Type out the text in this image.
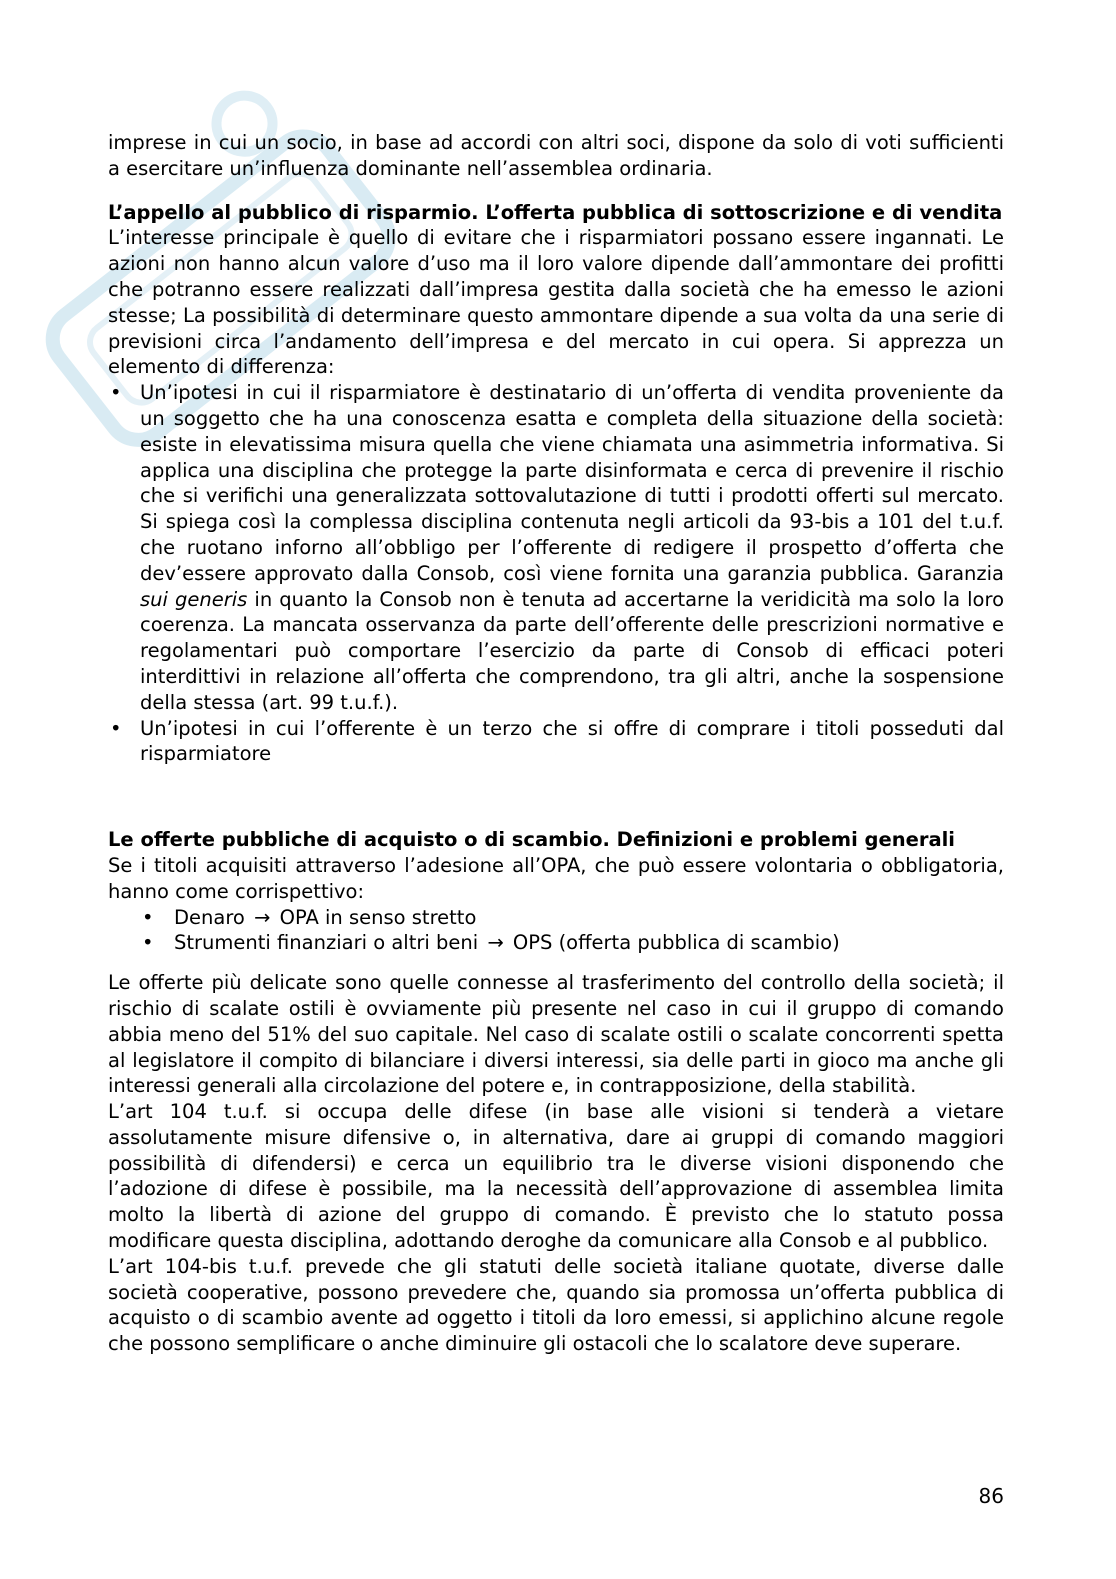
imprese in cui un socio, in base ad accordi con altri soci, dispone da solo di voti sufficienti a esercitare un’influenza dominante nell’assemblea ordinaria.

L’appello al pubblico di risparmio. L’offerta pubblica di sottoscrizione e di vendita

L’interesse principale è quello di evitare che i risparmiatori possano essere ingannati. Le azioni non hanno alcun valore d’uso ma il loro valore dipende dall’ammontare dei profitti che potranno essere realizzati dall’impresa gestita dalla società che ha emesso le azioni stesse; La possibilità di determinare questo ammontare dipende a sua volta da una serie di previsioni circa l’andamento dell’impresa e del mercato in cui opera. Si apprezza un elemento di differenza:

• Un’ipotesi in cui il risparmiatore è destinatario di un’offerta di vendita proveniente da un soggetto che ha una conoscenza esatta e completa della situazione della società: esiste in elevatissima misura quella che viene chiamata una asimmetria informativa. Si applica una disciplina che protegge la parte disinformata e cerca di prevenire il rischio che si verifichi una generalizzata sottovalutazione di tutti i prodotti offerti sul mercato. Si spiega così la complessa disciplina contenuta negli articoli da 93-bis a 101 del t.u.f. che ruotano inforno all’obbligo per l’offerente di redigere il prospetto d’offerta che dev’essere approvato dalla Consob, così viene fornita una garanzia pubblica. Garanzia sui generis in quanto la Consob non è tenuta ad accertarne la veridicità ma solo la loro coerenza. La mancata osservanza da parte dell’offerente delle prescrizioni normative e regolamentari può comportare l’esercizio da parte di Consob di efficaci poteri interdittivi in relazione all’offerta che comprendono, tra gli altri, anche la sospensione della stessa (art. 99 t.u.f.).
• Un’ipotesi in cui l’offerente è un terzo che si offre di comprare i titoli posseduti dal risparmiatore
Le offerte pubbliche di acquisto o di scambio. Definizioni e problemi generali

Se i titoli acquisiti attraverso l’adesione all’OPA, che può essere volontaria o obbligatoria, hanno come corrispettivo:

• Denaro → OPA in senso stretto
• Strumenti finanziari o altri beni → OPS (offerta pubblica di scambio)

Le offerte più delicate sono quelle connesse al trasferimento del controllo della società; il rischio di scalate ostili è ovviamente più presente nel caso in cui il gruppo di comando abbia meno del 51% del suo capitale. Nel caso di scalate ostili o scalate concorrenti spetta al legislatore il compito di bilanciare i diversi interessi, sia delle parti in gioco ma anche gli interessi generali alla circolazione del potere e, in contrapposizione, della stabilità.

L’art 104 t.u.f. si occupa delle difese (in base alle visioni si tenderà a vietare assolutamente misure difensive o, in alternativa, dare ai gruppi di comando maggiori possibilità di difendersi) e cerca un equilibrio tra le diverse visioni disponendo che l’adozione di difese è possibile, ma la necessità dell’approvazione di assemblea limita molto la libertà di azione del gruppo di comando. È previsto che lo statuto possa modificare questa disciplina, adottando deroghe da comunicare alla Consob e al pubblico.

L’art 104-bis t.u.f. prevede che gli statuti delle società italiane quotate, diverse dalle società cooperative, possono prevedere che, quando sia promossa un’offerta pubblica di acquisto o di scambio avente ad oggetto i titoli da loro emessi, si applichino alcune regole che possono semplificare o anche diminuire gli ostacoli che lo scalatore deve superare.

86
